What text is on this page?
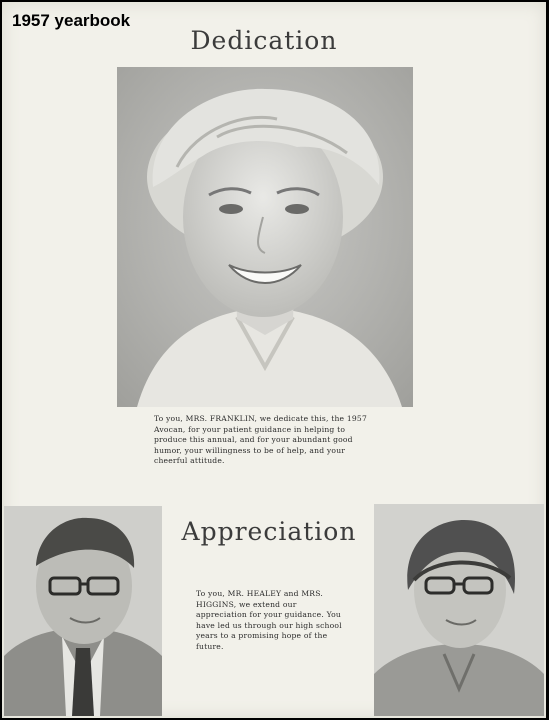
1957 yearbook
Dedication
To you, MRS. FRANKLIN, we dedicate this, the 1957 Avocan, for your patient guidance in helping to produce this annual, and for your abundant good humor, your willingness to be of help, and your cheerful attitude.
Appreciation
To you, MR. HEALEY and MRS. HIGGINS, we extend our appreciation for your guidance. You have led us through our high school years to a promising hope of the future.
